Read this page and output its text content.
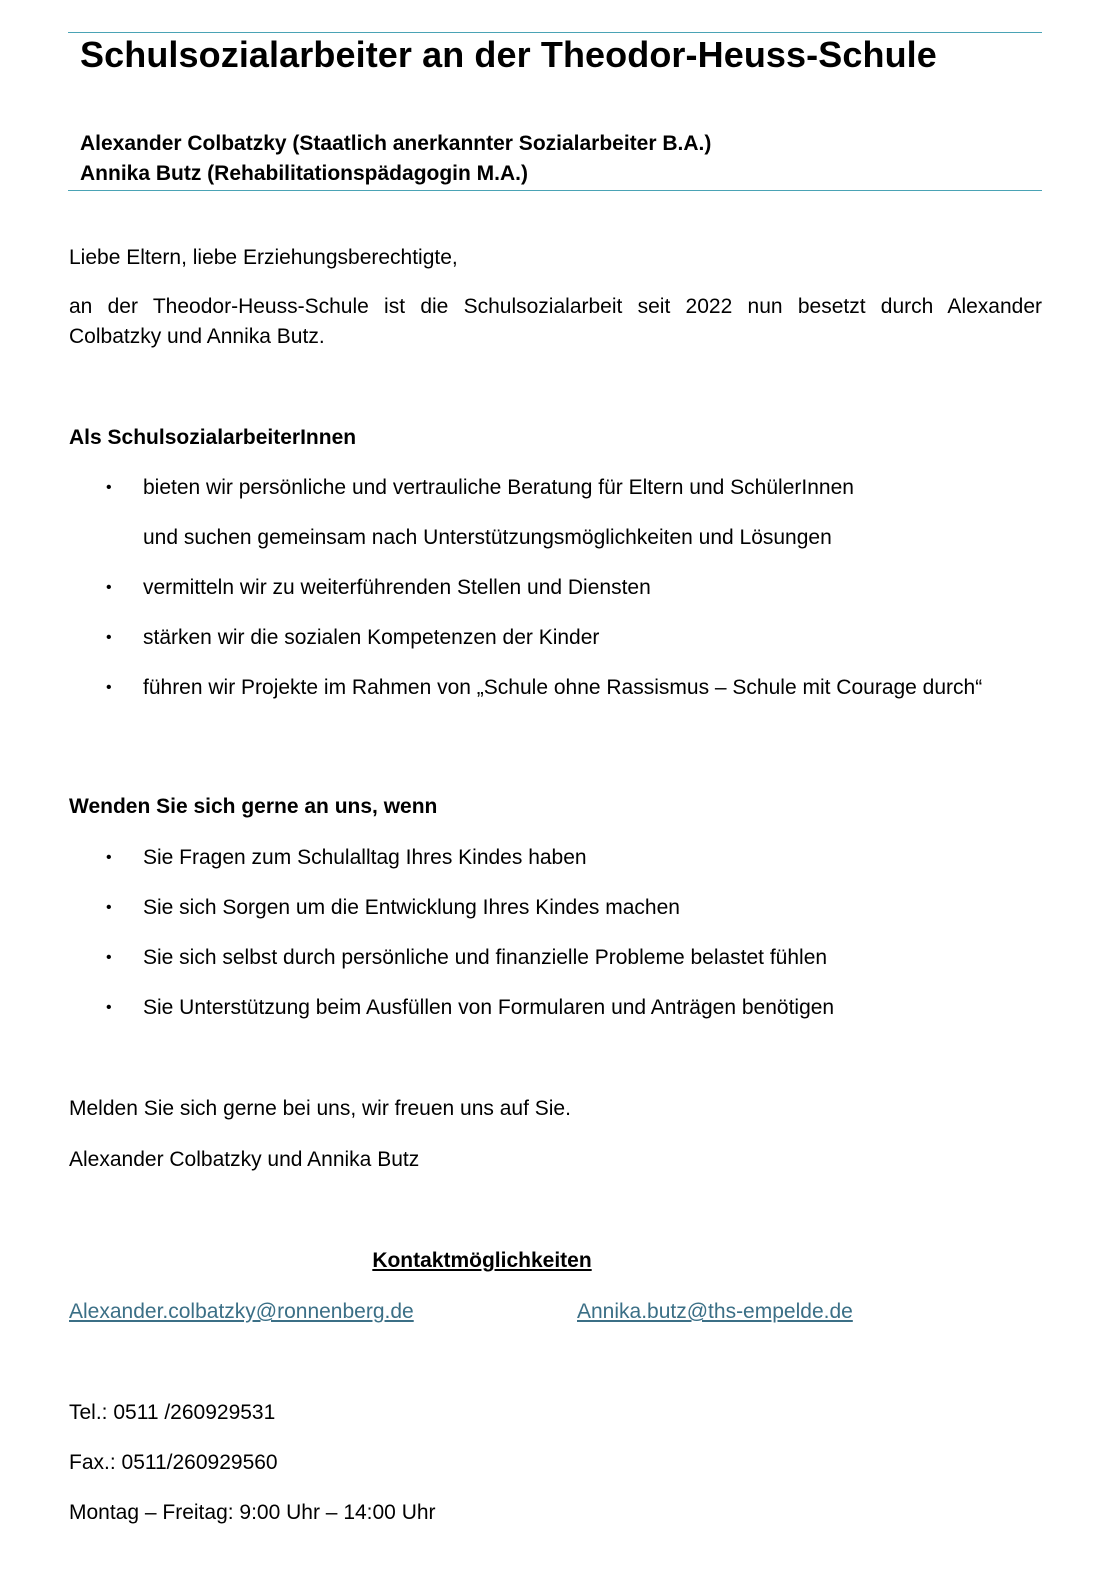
Schulsozialarbeiter an der Theodor-Heuss-Schule
Alexander Colbatzky (Staatlich anerkannter Sozialarbeiter B.A.)
Annika Butz (Rehabilitationspädagogin M.A.)
Liebe Eltern, liebe Erziehungsberechtigte,
an der Theodor-Heuss-Schule ist die Schulsozialarbeit seit 2022 nun besetzt durch Alexander
Colbatzky und Annika Butz.
Als SchulsozialarbeiterInnen
• bieten wir persönliche und vertrauliche Beratung für Eltern und SchülerInnen
und suchen gemeinsam nach Unterstützungsmöglichkeiten und Lösungen
• vermitteln wir zu weiterführenden Stellen und Diensten
• stärken wir die sozialen Kompetenzen der Kinder
• führen wir Projekte im Rahmen von „Schule ohne Rassismus – Schule mit Courage durch“
Wenden Sie sich gerne an uns, wenn
• Sie Fragen zum Schulalltag Ihres Kindes haben
• Sie sich Sorgen um die Entwicklung Ihres Kindes machen
• Sie sich selbst durch persönliche und finanzielle Probleme belastet fühlen
• Sie Unterstützung beim Ausfüllen von Formularen und Anträgen benötigen
Melden Sie sich gerne bei uns, wir freuen uns auf Sie.
Alexander Colbatzky und Annika Butz
Kontaktmöglichkeiten
Alexander.colbatzky@ronnenberg.de	Annika.butz@ths-empelde.de
Tel.: 0511 /260929531
Fax.: 0511/260929560
Montag – Freitag: 9:00 Uhr – 14:00 Uhr
